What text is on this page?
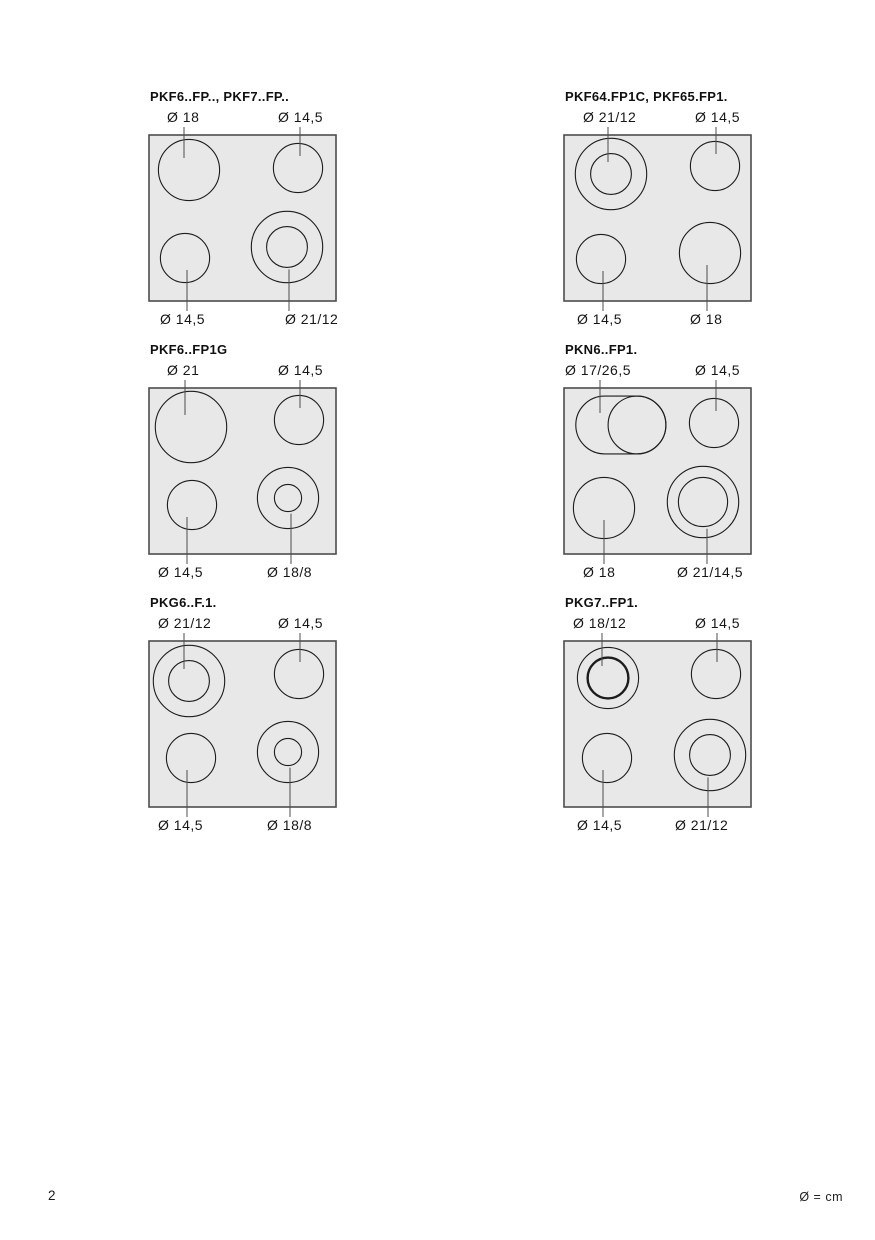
PKF6..FP.., PKF7..FP..
Ø 18	Ø 14,5
Ø 14,5	Ø 21/12
PKF64.FP1C, PKF65.FP1.
Ø 21/12	Ø 14,5
Ø 14,5	Ø 18
PKF6..FP1G
Ø 21	Ø 14,5
Ø 14,5	Ø 18/8
PKN6..FP1.
Ø 17/26,5	Ø 14,5
Ø 18	Ø 21/14,5
PKG6..F.1.
Ø 21/12	Ø 14,5
Ø 14,5	Ø 18/8
PKG7..FP1.
Ø 18/12	Ø 14,5
Ø 14,5	Ø 21/12
2	Ø = cm
